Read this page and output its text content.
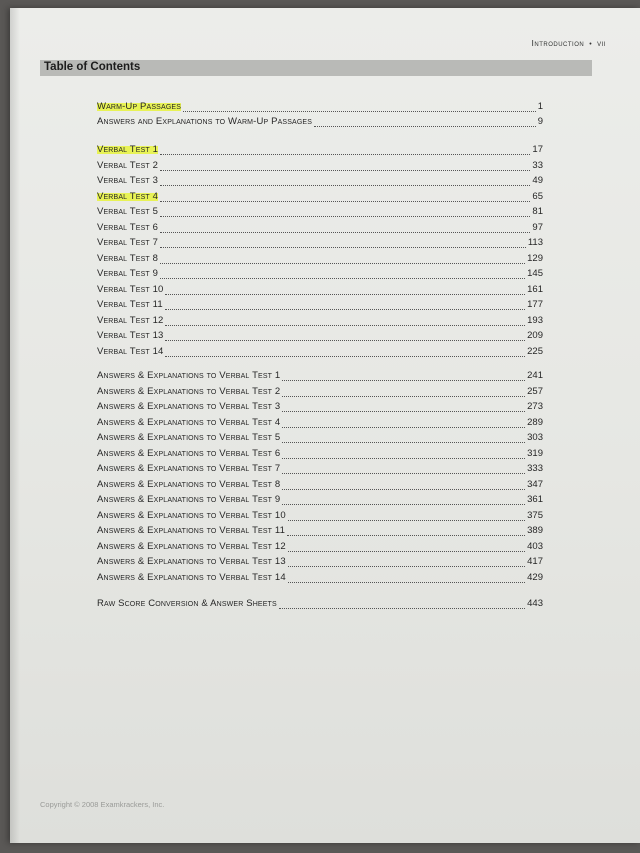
Introduction • vii
Table of Contents
Warm-Up Passages	1
Answers and Explanations to Warm-Up Passages	9
Verbal Test 1	17
Verbal Test 2	33
Verbal Test 3	49
Verbal Test 4	65
Verbal Test 5	81
Verbal Test 6	97
Verbal Test 7	113
Verbal Test 8	129
Verbal Test 9	145
Verbal Test 10	161
Verbal Test 11	177
Verbal Test 12	193
Verbal Test 13	209
Verbal Test 14	225
Answers & Explanations to Verbal Test 1	241
Answers & Explanations to Verbal Test 2	257
Answers & Explanations to Verbal Test 3	273
Answers & Explanations to Verbal Test 4	289
Answers & Explanations to Verbal Test 5	303
Answers & Explanations to Verbal Test 6	319
Answers & Explanations to Verbal Test 7	333
Answers & Explanations to Verbal Test 8	347
Answers & Explanations to Verbal Test 9	361
Answers & Explanations to Verbal Test 10	375
Answers & Explanations to Verbal Test 11	389
Answers & Explanations to Verbal Test 12	403
Answers & Explanations to Verbal Test 13	417
Answers & Explanations to Verbal Test 14	429
Raw Score Conversion & Answer Sheets	443
Copyright © 2008 Examkrackers, Inc.
